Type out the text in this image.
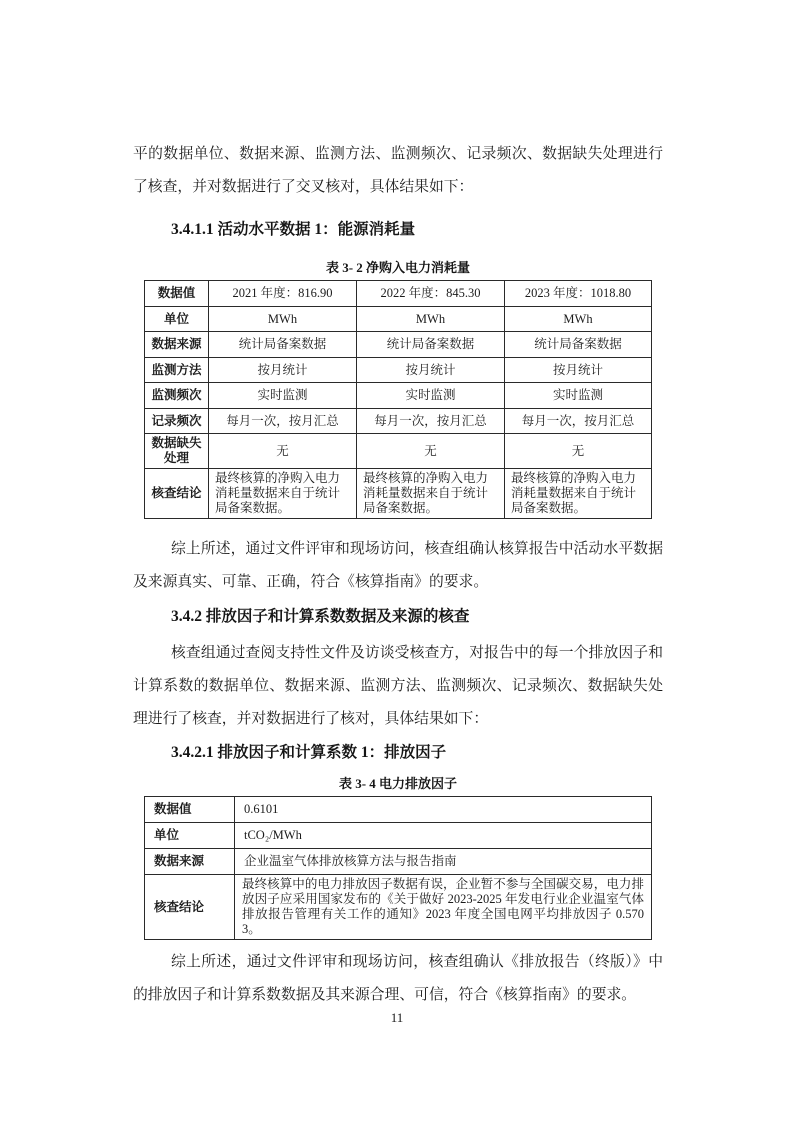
平的数据单位、数据来源、监测方法、监测频次、记录频次、数据缺失处理进行了核查，并对数据进行了交叉核对，具体结果如下：

3.4.1.1 活动水平数据 1：能源消耗量
表 3- 2 净购入电力消耗量
数据值	2021 年度：816.90	2022 年度：845.30	2023 年度：1018.80
单位	MWh	MWh	MWh
数据来源	统计局备案数据	统计局备案数据	统计局备案数据
监测方法	按月统计	按月统计	按月统计
监测频次	实时监测	实时监测	实时监测
记录频次	每月一次，按月汇总	每月一次，按月汇总	每月一次，按月汇总
数据缺失处理	无	无	无
核查结论	最终核算的净购入电力消耗量数据来自于统计局备案数据。	最终核算的净购入电力消耗量数据来自于统计局备案数据。	最终核算的净购入电力消耗量数据来自于统计局备案数据。

综上所述，通过文件评审和现场访问，核查组确认核算报告中活动水平数据及来源真实、可靠、正确，符合《核算指南》的要求。

3.4.2 排放因子和计算系数数据及来源的核查

核查组通过查阅支持性文件及访谈受核查方，对报告中的每一个排放因子和计算系数的数据单位、数据来源、监测方法、监测频次、记录频次、数据缺失处理进行了核查，并对数据进行了核对，具体结果如下：

3.4.2.1 排放因子和计算系数 1：排放因子
表 3- 4 电力排放因子
数据值	0.6101
单位	tCO₂/MWh
数据来源	企业温室气体排放核算方法与报告指南
核查结论	最终核算中的电力排放因子数据有误，企业暂不参与全国碳交易，电力排放因子应采用国家发布的《关于做好 2023-2025 年发电行业企业温室气体排放报告管理有关工作的通知》2023 年度全国电网平均排放因子 0.5703。

综上所述，通过文件评审和现场访问，核查组确认《排放报告（终版）》中的排放因子和计算系数数据及其来源合理、可信，符合《核算指南》的要求。

11
